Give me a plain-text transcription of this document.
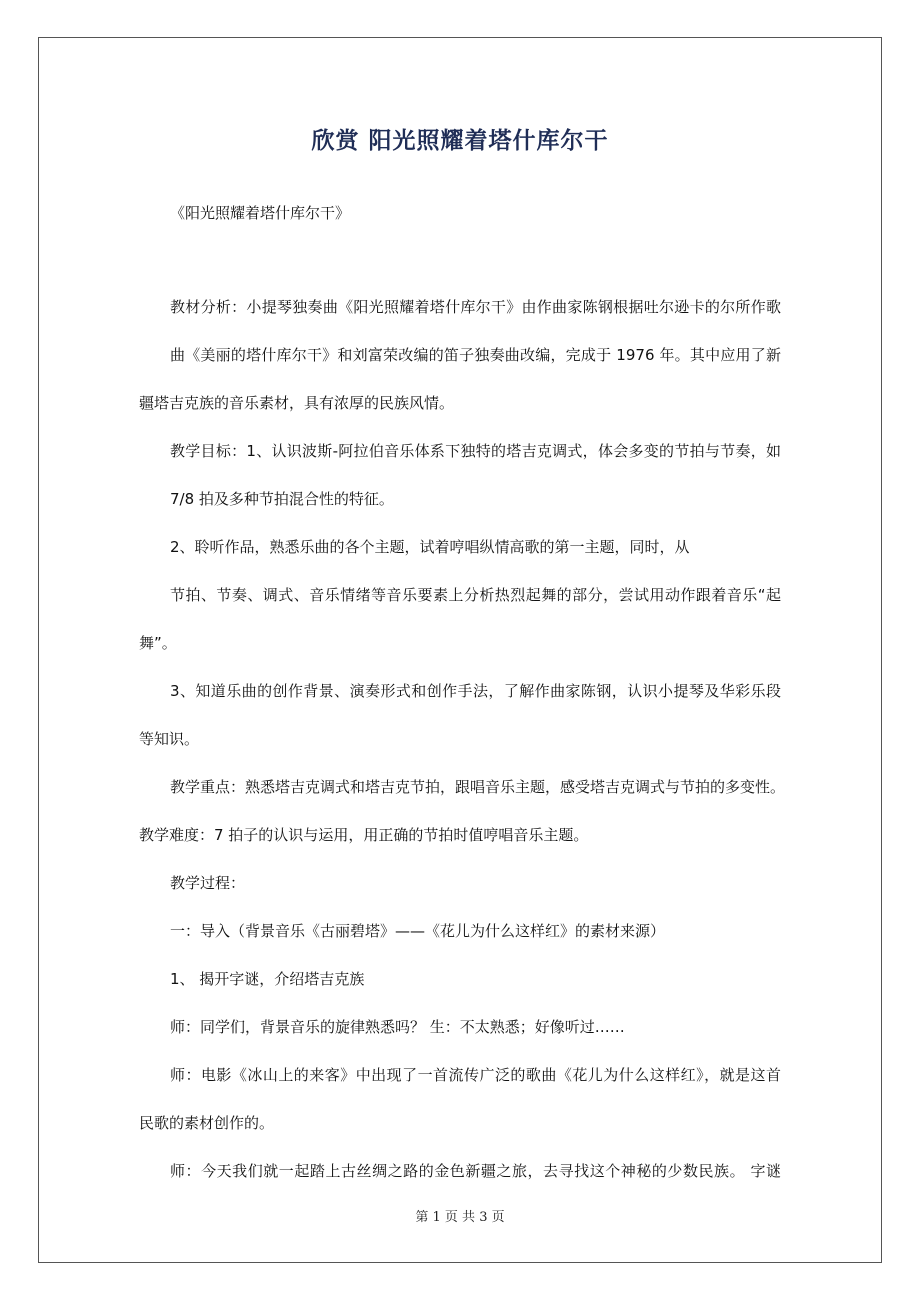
欣赏 阳光照耀着塔什库尔干
《阳光照耀着塔什库尔干》
教材分析：小提琴独奏曲《阳光照耀着塔什库尔干》由作曲家陈钢根据吐尔逊卡的尔所作歌
曲《美丽的塔什库尔干》和刘富荣改编的笛子独奏曲改编，完成于 1976 年。其中应用了新
疆塔吉克族的音乐素材，具有浓厚的民族风情。
教学目标：1、认识波斯-阿拉伯音乐体系下独特的塔吉克调式，体会多变的节拍与节奏，如
7/8 拍及多种节拍混合性的特征。
2、聆听作品，熟悉乐曲的各个主题，试着哼唱纵情高歌的第一主题，同时，从
节拍、节奏、调式、音乐情绪等音乐要素上分析热烈起舞的部分，尝试用动作跟着音乐“起
舞”。
3、知道乐曲的创作背景、演奏形式和创作手法，了解作曲家陈钢，认识小提琴及华彩乐段
等知识。
教学重点：熟悉塔吉克调式和塔吉克节拍，跟唱音乐主题，感受塔吉克调式与节拍的多变性。
教学难度：7 拍子的认识与运用，用正确的节拍时值哼唱音乐主题。
教学过程：
一：导入（背景音乐《古丽碧塔》——《花儿为什么这样红》的素材来源）
1、 揭开字谜，介绍塔吉克族
师：同学们，背景音乐的旋律熟悉吗？ 生：不太熟悉；好像听过……
师：电影《冰山上的来客》中出现了一首流传广泛的歌曲《花儿为什么这样红》，就是这首
民歌的素材创作的。
师：今天我们就一起踏上古丝绸之路的金色新疆之旅，去寻找这个神秘的少数民族。 字谜
第 1 页 共 3 页
